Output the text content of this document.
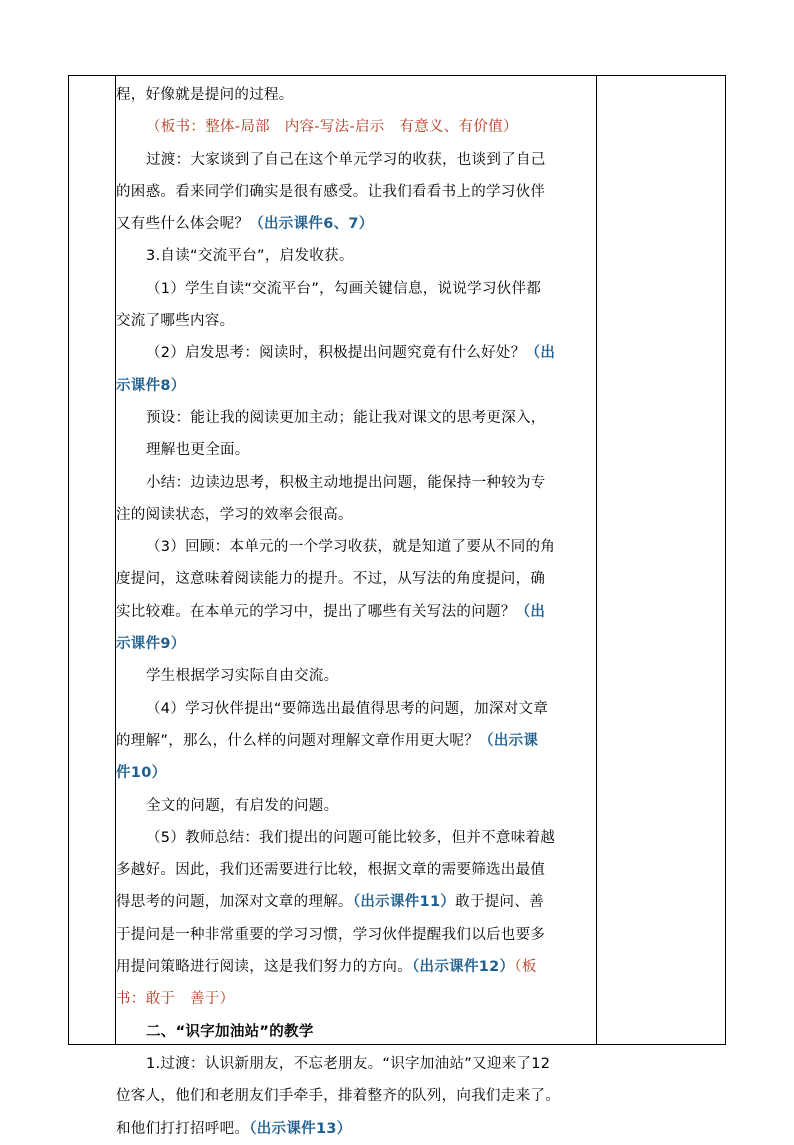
程，好像就是提问的过程。
（板书：整体-局部　内容-写法-启示　有意义、有价值）
过渡：大家谈到了自己在这个单元学习的收获，也谈到了自己
的困惑。看来同学们确实是很有感受。让我们看看书上的学习伙伴
又有些什么体会呢？（出示课件6、7）
3.自读“交流平台”，启发收获。
（1）学生自读“交流平台”，勾画关键信息，说说学习伙伴都
交流了哪些内容。
（2）启发思考：阅读时，积极提出问题究竟有什么好处？（出
示课件8）
预设：能让我的阅读更加主动；能让我对课文的思考更深入，
理解也更全面。
小结：边读边思考，积极主动地提出问题，能保持一种较为专
注的阅读状态，学习的效率会很高。
（3）回顾：本单元的一个学习收获，就是知道了要从不同的角
度提问，这意味着阅读能力的提升。不过，从写法的角度提问，确
实比较难。在本单元的学习中，提出了哪些有关写法的问题？（出
示课件9）
学生根据学习实际自由交流。
（4）学习伙伴提出“要筛选出最值得思考的问题，加深对文章
的理解”，那么，什么样的问题对理解文章作用更大呢？（出示课
件10）
全文的问题，有启发的问题。
（5）教师总结：我们提出的问题可能比较多，但并不意味着越
多越好。因此，我们还需要进行比较，根据文章的需要筛选出最值
得思考的问题，加深对文章的理解。（出示课件11）敢于提问、善
于提问是一种非常重要的学习习惯，学习伙伴提醒我们以后也要多
用提问策略进行阅读，这是我们努力的方向。（出示课件12）（板
书：敢于　善于）
二、“识字加油站”的教学
1.过渡：认识新朋友，不忘老朋友。“识字加油站”又迎来了12
位客人，他们和老朋友们手牵手，排着整齐的队列，向我们走来了。
和他们打打招呼吧。（出示课件13）
